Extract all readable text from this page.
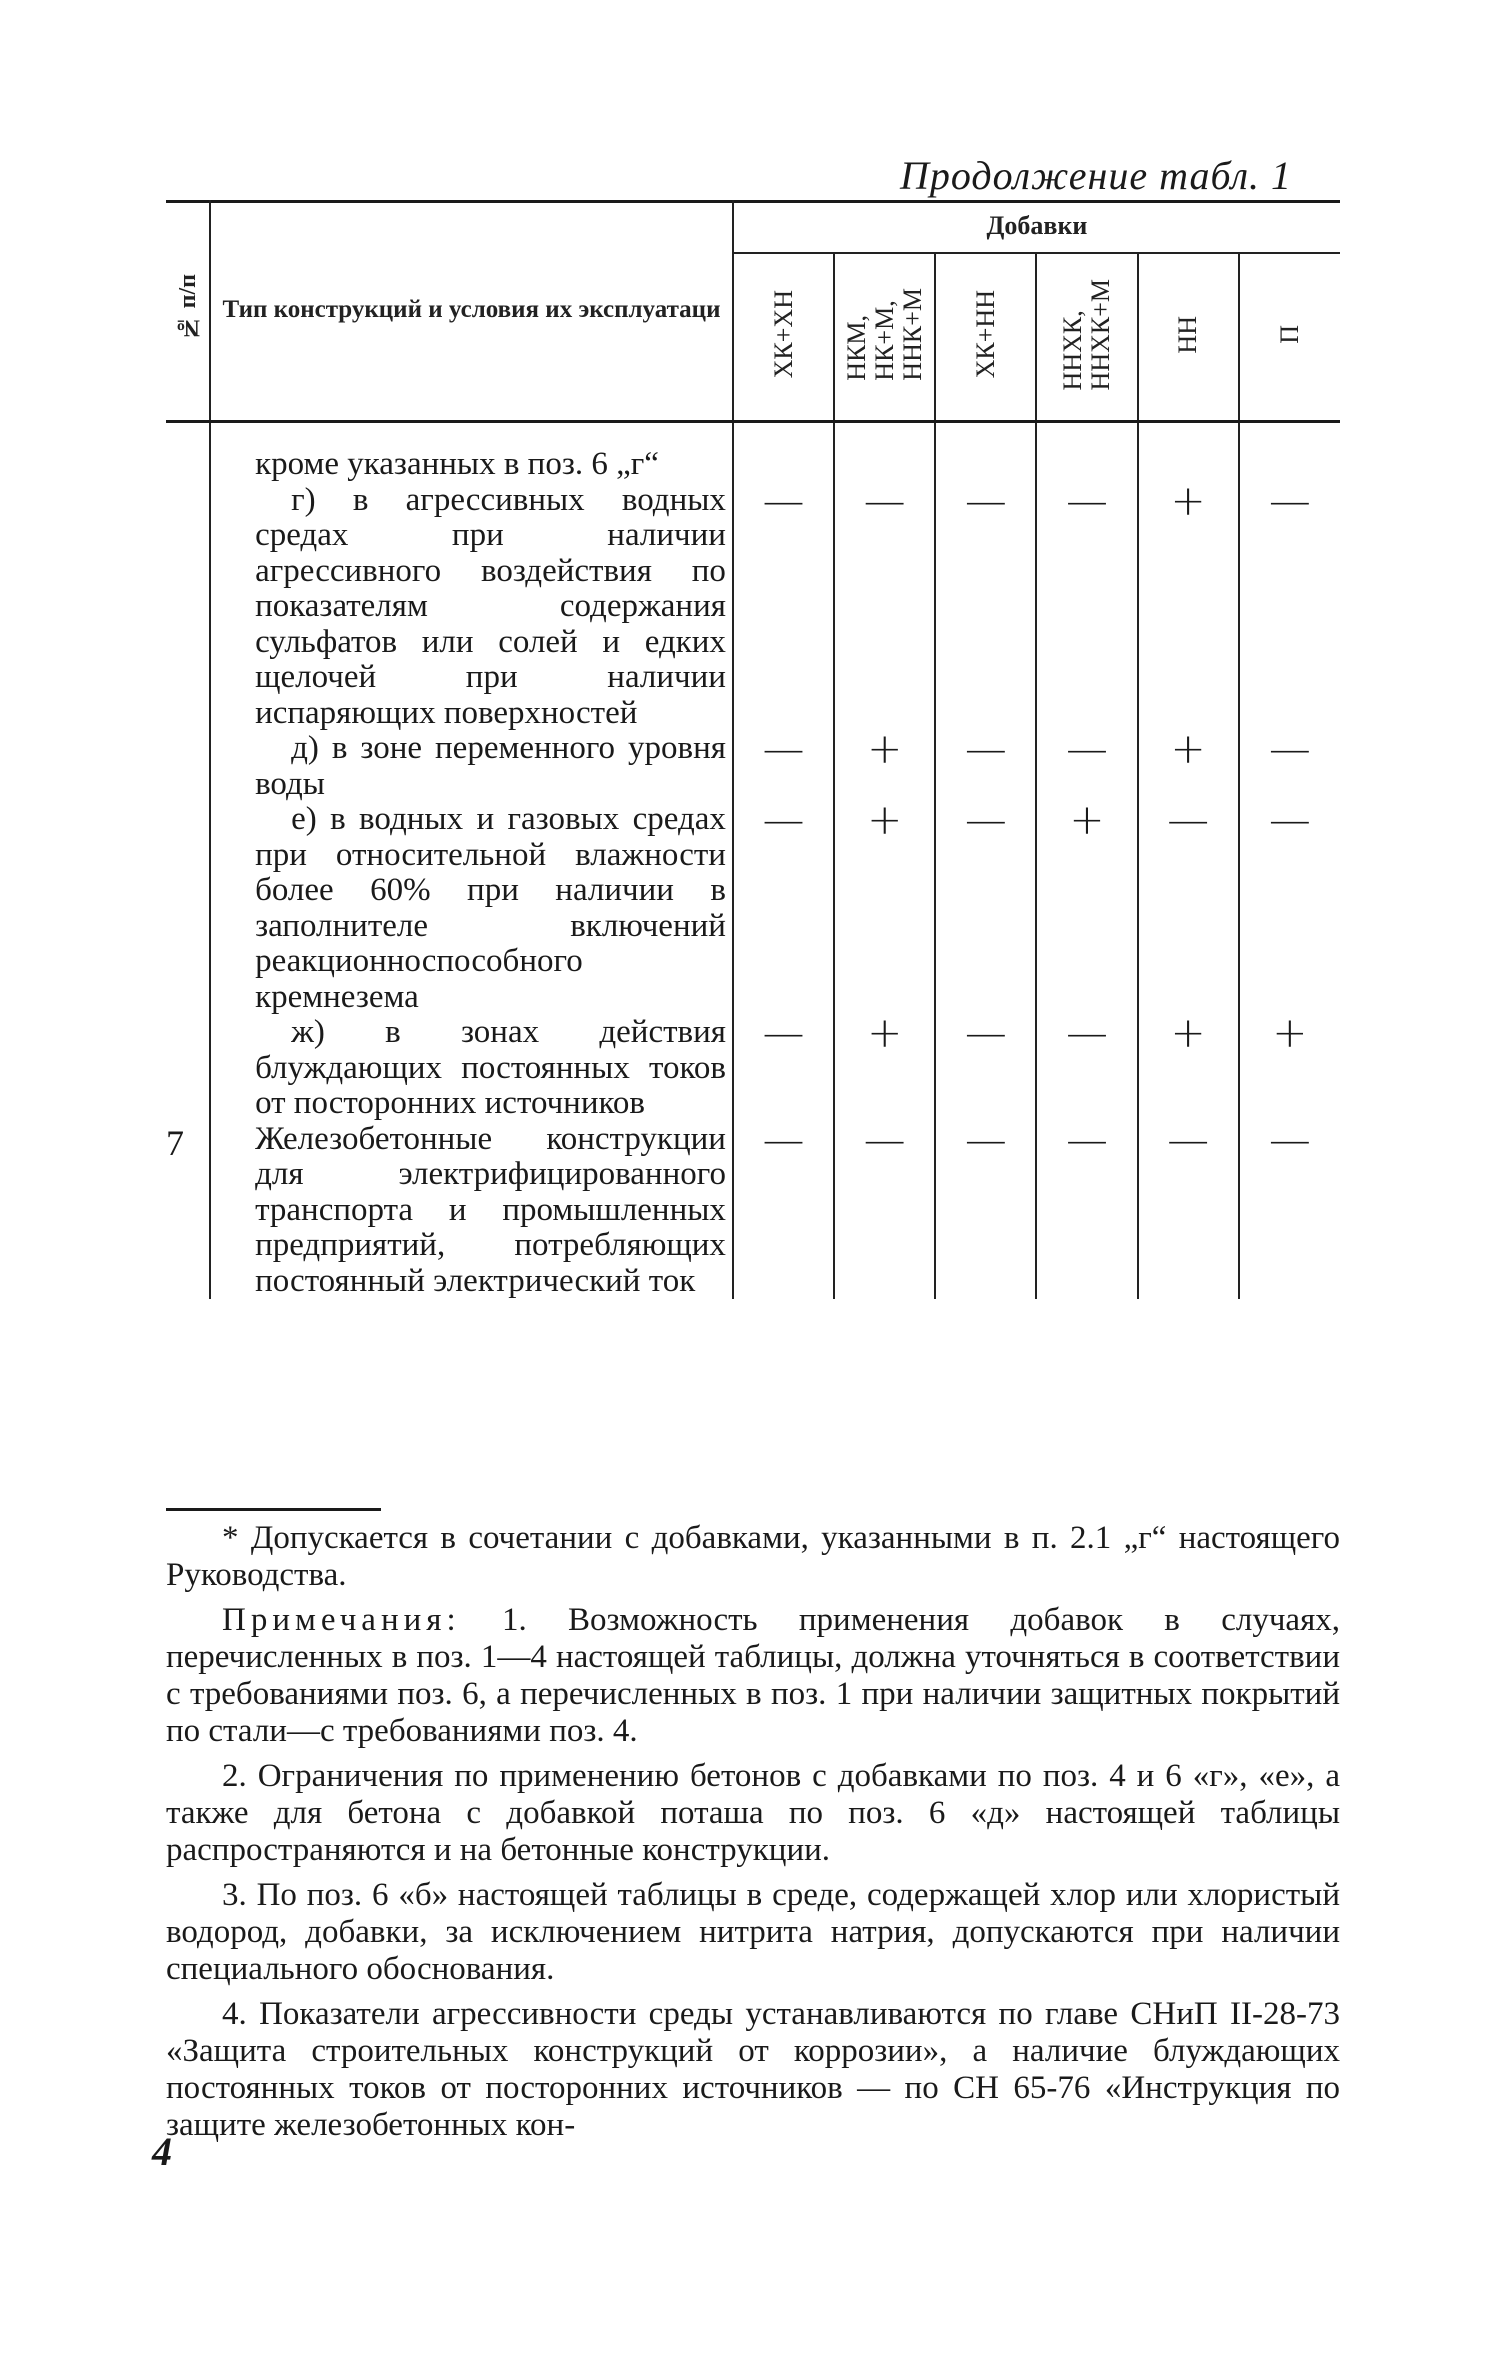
Продолжение табл. 1
№ п/п	Тип конструкций и условия их эксплуатаци	Добавки					
		ХК+ХН	НКМ,
НК+М,
ННК+М	ХК+НН	ННХК,
ННХК+М	НН	П

	кроме указанных в поз. 6 „г“						

	г) в агрессивных водных средах при наличии агрессивного воздействия по показателям содержания сульфатов или солей и едких щелочей при наличии испаряющих поверхностей	—	—	—	—	+	—

	д) в зоне переменного уровня воды	—	+	—	—	+	—

	е) в водных и газовых средах при относительной влажности более 60% при наличии в заполнителе включений реакционноспособного кремнезема	—	+	—	+	—	—

	ж) в зонах действия блуждающих постоянных токов от посторонних источников	—	+	—	—	+	+
7	Железобетонные конструкции для электрифицированного транспорта и промышленных предприятий, потребляющих постоянный электрический ток	—	—	—	—	—	—

* Допускается в сочетании с добавками, указанными в п. 2.1 „г“ настоящего Руководства.

Примечания: 1. Возможность применения добавок в случаях, перечисленных в поз. 1—4 настоящей таблицы, должна уточняться в соответствии с требованиями поз. 6, а перечисленных в поз. 1 при наличии защитных покрытий по стали—с требованиями поз. 4.

2. Ограничения по применению бетонов с добавками по поз. 4 и 6 «г», «е», а также для бетона с добавкой поташа по поз. 6 «д» настоящей таблицы распространяются и на бетонные конструкции.

3. По поз. 6 «б» настоящей таблицы в среде, содержащей хлор или хлористый водород, добавки, за исключением нитрита натрия, допускаются при наличии специального обоснования.

4. Показатели агрессивности среды устанавливаются по главе СНиП II-28-73 «Защита строительных конструкций от коррозии», а наличие блуждающих постоянных токов от посторонних источников — по СН 65-76 «Инструкция по защите железобетонных кон-

4
